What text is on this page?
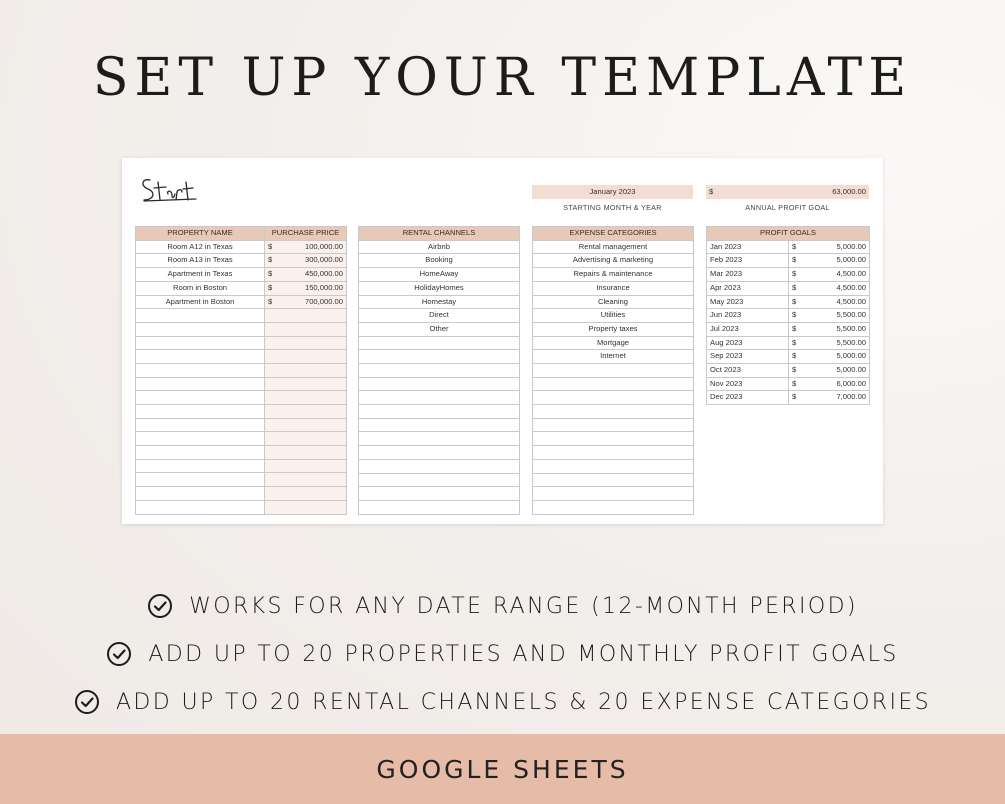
SET UP YOUR TEMPLATE
January 2023
STARTING MONTH & YEAR
$	63,000.00
ANNUAL PROFIT GOAL
PROPERTY NAME	PURCHASE PRICE
Room A12 in Texas	$ 100,000.00

Room A13 in Texas	$ 300,000.00

Apartment in Texas	$ 450,000.00

Room in Boston	$ 150,000.00

Apartment in Boston	$ 700,000.00

RENTAL CHANNELS
Airbnb
Booking
HomeAway
HolidayHomes
Homestay
Direct
Other

EXPENSE CATEGORIES
Rental management
Advertising & marketing
Repairs & maintenance
Insurance
Cleaning
Utilities
Property taxes
Mortgage
Internet

PROFIT GOALS	
Jan 2023	$ 5,000.00

Feb 2023	$ 5,000.00

Mar 2023	$ 4,500.00

Apr 2023	$ 4,500.00

May 2023	$ 4,500.00

Jun 2023	$ 5,500.00

Jul 2023	$ 5,500.00

Aug 2023	$ 5,500.00

Sep 2023	$ 5,000.00

Oct 2023	$ 5,000.00

Nov 2023	$ 6,000.00

Dec 2023	$ 7,000.00
WORKS FOR ANY DATE RANGE (12-MONTH PERIOD)
ADD UP TO 20 PROPERTIES AND MONTHLY PROFIT GOALS
ADD UP TO 20 RENTAL CHANNELS & 20 EXPENSE CATEGORIES
GOOGLE SHEETS
